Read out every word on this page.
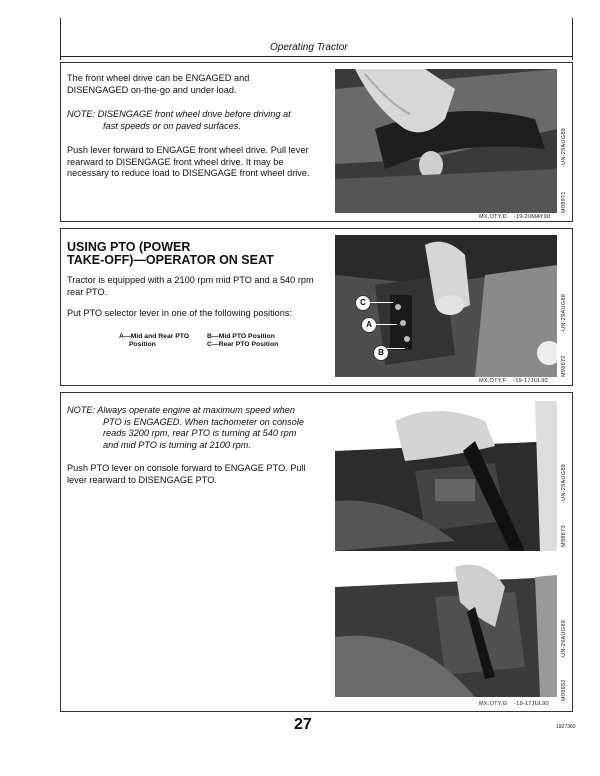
Operating Tractor
The front wheel drive can be ENGAGED and DISENGAGED on-the-go and under load.
NOTE: DISENGAGE front wheel drive before driving at
fast speeds or on paved surfaces.
Push lever forward to ENGAGE front wheel drive. Pull lever rearward to DISENGAGE front wheel drive. It may be necessary to reduce load to DISENGAGE front wheel drive.
-UN-29AUG88
M98971
MX,OTY,D    -19-20MAY90
USING PTO (POWER
TAKE-OFF)—OPERATOR ON SEAT
Tractor is equipped with a 2100 rpm mid PTO and a 540 rpm rear PTO.
Put PTO selector lever in one of the following positions:
A—Mid and Rear PTO
Position
B—Mid PTO Position
C—Rear PTO Position
C
A
B
-UN-29AUG88
M98672
MX,OTY,F    -19-17JUL90
NOTE: Always operate engine at maximum speed when
PTO is ENGAGED. When tachometer on console
reads 3200 rpm, rear PTO is turning at 540 rpm
and mid PTO is turning at 2100 rpm.
Push PTO lever on console forward to ENGAGE PTO. Pull lever rearward to DISENGAGE PTO.	-UN-29AUG88
M98673
-UN-29AUG88
M98652
MX,OTY,G    -19-17JUL90
27	1927360
